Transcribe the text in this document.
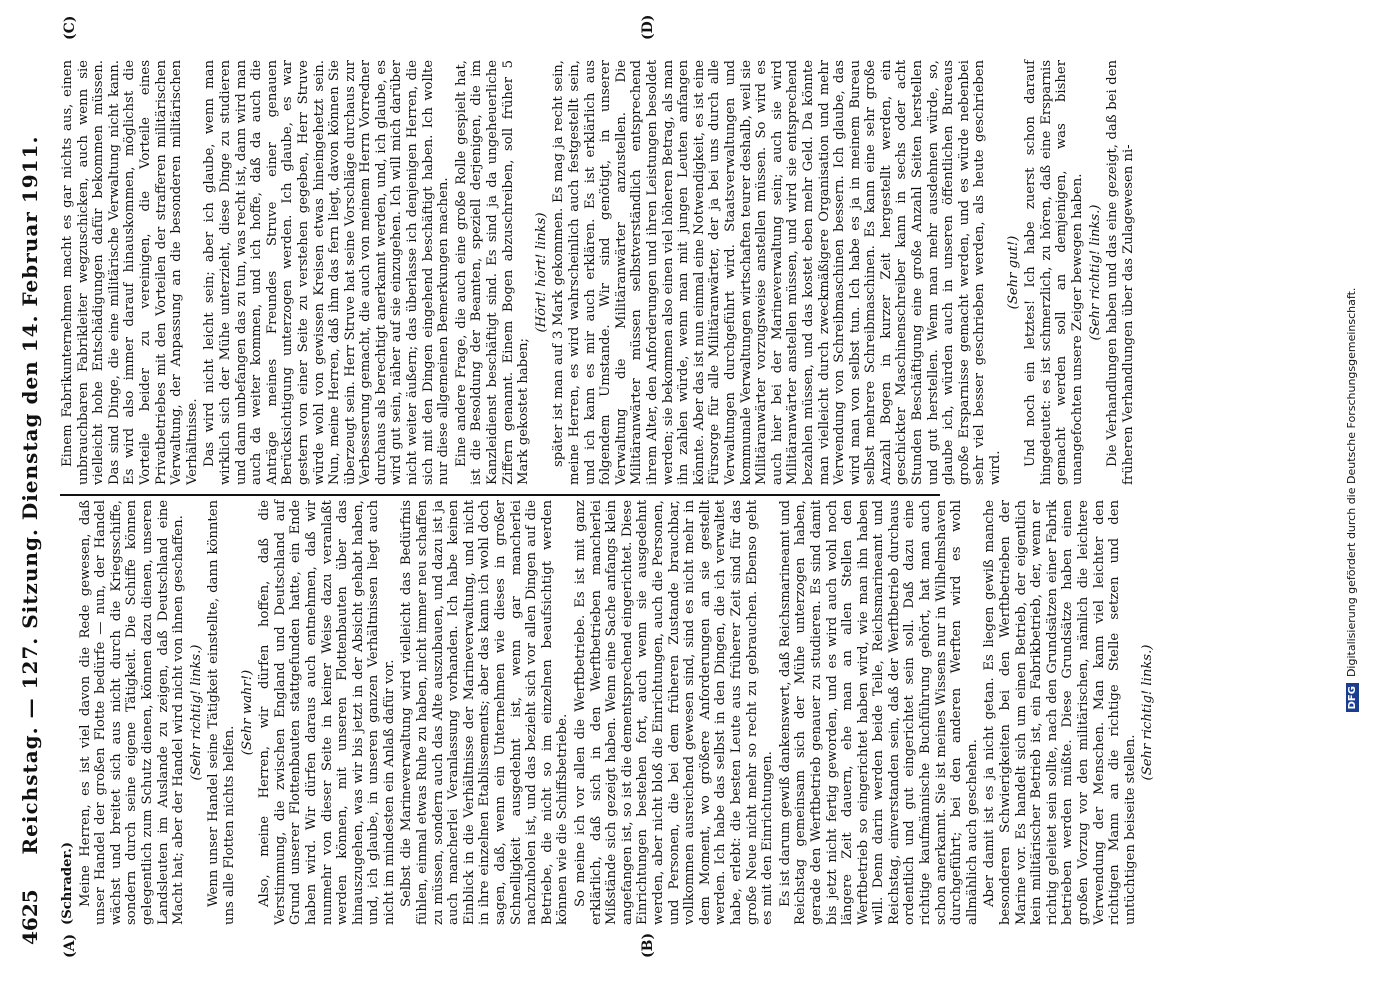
4625
Reichstag. — 127. Sitzung. Dienstag den 14. Februar 1911.
(C)	(D)
(A)	(B)

(Schrader.) Meine Herren, es ist viel davon die Rede gewesen, daß unser Handel der großen Flotte bedürfe — nun, der Handel wächst und breitet sich aus nicht durch die Kriegsschiffe, sondern durch seine eigene Tätigkeit. Die Schiffe können gelegentlich zum Schutz dienen, können dazu dienen, unseren Landsleuten im Auslande zu zeigen, daß Deutschland eine Macht hat; aber der Handel wird nicht von ihnen geschaffen. (Sehr richtig! links.) Wenn unser Handel seine Tätigkeit einstellte, dann könnten uns alle Flotten nichts helfen.

(Sehr wahr!) Also, meine Herren, wir dürfen hoffen, daß die Verstimmung, die zwischen England und Deutschland auf Grund unserer Flottenbauten stattgefunden hatte, ein Ende haben wird. Wir dürfen daraus auch entnehmen, daß wir nunmehr von dieser Seite in keiner Weise dazu veranlaßt werden können, mit unseren Flottenbauten über das hinauszugehen, was wir bis jetzt in der Absicht gehabt haben, und, ich glaube, in unseren ganzen Verhältnissen liegt auch nicht im mindesten ein Anlaß dafür vor. Selbst die Marineverwaltung wird vielleicht das Bedürfnis fühlen, einmal etwas Ruhe zu haben, nicht immer neu schaffen zu müssen, sondern auch das Alte auszubauen, und dazu ist ja auch mancherlei Veranlassung vorhanden. Ich habe keinen Einblick in die Verhältnisse der Marineverwaltung, und nicht in ihre einzelnen Etablissements; aber das kann ich wohl doch sagen, daß, wenn ein Unternehmen wie dieses in großer Schnelligkeit ausgedehnt ist, wenn gar mancherlei nachzuholen ist, und das bezieht sich vor allen Dingen auf die Betriebe, die nicht so im einzelnen beaufsichtigt werden können wie die Schiffsbetriebe. So meine ich vor allen die Werftbetriebe. Es ist mit ganz erklärlich, daß sich in den Werftbetrieben mancherlei Mißstände sich gezeigt haben. Wenn eine Sache anfangs klein angefangen ist, so ist die dementsprechend eingerichtet. Diese Einrichtungen bestehen fort, auch wenn sie ausgedehnt werden, aber nicht bloß die Einrichtungen, auch die Personen, und Personen, die bei dem früheren Zustande brauchbar, vollkommen ausreichend gewesen sind, sind es nicht mehr in dem Moment, wo größere Anforderungen an sie gestellt werden. Ich habe das selbst in den Dingen, die ich verwaltet habe, erlebt: die besten Leute aus früherer Zeit sind für das große Neue nicht mehr so recht zu gebrauchen. Ebenso geht es mit den Einrichtungen. Es ist darum gewiß dankenswert, daß Reichsmarineamt und Reichstag gemeinsam sich der Mühe unterzogen haben, gerade den Werftbetrieb genauer zu studieren. Es sind damit bis jetzt nicht fertig geworden, und es wird auch wohl noch längere Zeit dauern, ehe man an allen Stellen den Werftbetrieb so eingerichtet haben wird, wie man ihn haben will. Denn darin werden beide Teile, Reichsmarineamt und Reichstag, einverstanden sein, daß der Werftbetrieb durchaus ordentlich und gut eingerichtet sein soll. Daß dazu eine richtige kaufmännische Buchführung gehört, hat man auch schon anerkannt. Sie ist meines Wissens nur in Wilhelmshaven durchgeführt; bei den anderen Werften wird es wohl allmählich auch geschehen. Aber damit ist es ja nicht getan. Es liegen gewiß manche besonderen Schwierigkeiten bei den Werftbetrieben der Marine vor. Es handelt sich um einen Betrieb, der eigentlich kein militärischer Betrieb ist, ein Fabrikbetrieb, der, wenn er richtig geleitet sein sollte, nach den Grundsätzen einer Fabrik betrieben werden müßte. Diese Grundsätze haben einen großen Vorzug vor den militärischen, nämlich die leichtere Verwendung der Menschen. Man kann viel leichter den richtigen Mann an die richtige Stelle setzen und den untüchtigen beiseite stellen.

(Sehr richtig! links.)

Einem Fabrikunternehmen macht es gar nichts aus, einen unbrauchbaren Fabrikleiter wegzuschicken, auch wenn sie vielleicht hohe Entschädigungen dafür bekommen müssen. Das sind Dinge, die eine militärische Verwaltung nicht kann. Es wird also immer darauf hinauskommen, möglichst die Vorteile beider zu vereinigen, die Vorteile eines Privatbetriebes mit den Vorteilen der strafferen militärischen Verwaltung, der Anpassung an die besonderen militärischen Verhältnisse. Das wird nicht leicht sein; aber ich glaube, wenn man wirklich sich der Mühe unterzieht, diese Dinge zu studieren und dann unbefangen das zu tun, was recht ist, dann wird man auch da weiter kommen, und ich hoffe, daß da auch die Anträge meines Freundes Struve einer genauen Berücksichtigung unterzogen werden. Ich glaube, es war gestern von einer Seite zu verstehen gegeben, Herr Struve würde wohl von gewissen Kreisen etwas hineingehetzt sein. Nun, meine Herren, daß ihm das fern liegt, davon können Sie überzeugt sein. Herr Struve hat seine Vorschläge durchaus zur Verbesserung gemacht, die auch von meinem Herrn Vorredner durchaus als berechtigt anerkannt werden, und, ich glaube, es wird gut sein, näher auf sie einzugehen. Ich will mich darüber nicht weiter äußern; das überlasse ich denjenigen Herren, die sich mit den Dingen eingehend beschäftigt haben. Ich wollte nur diese allgemeinen Bemerkungen machen. Eine andere Frage, die auch eine große Rolle gespielt hat, ist die Besoldung der Beamten, speziell derjenigen, die im Kanzleidienst beschäftigt sind. Es sind ja da ungeheuerliche Ziffern genannt. Einem Bogen abzuschreiben, soll früher 5 Mark gekostet haben;

(Hört! hört! links) später ist man auf 3 Mark gekommen. Es mag ja recht sein, meine Herren, es wird wahrscheinlich auch festgestellt sein, und ich kann es mir auch erklären. Es ist erklärlich aus folgendem Umstande. Wir sind genötigt, in unserer Verwaltung die Militäranwärter anzustellen. Die Militäranwärter müssen selbstverständlich entsprechend ihrem Alter, den Anforderungen und ihren Leistungen besoldet werden; sie bekommen also einen viel höheren Betrag, als man ihn zahlen würde, wenn man mit jungen Leuten anfangen könnte. Aber das ist nun einmal eine Notwendigkeit, es ist eine Fürsorge für alle Militäranwärter, der ja bei uns durch alle Verwaltungen durchgeführt wird. Staatsverwaltungen und kommunale Verwaltungen wirtschaften teurer deshalb, weil sie Militäranwärter vorzugsweise anstellen müssen. So wird es auch hier bei der Marineverwaltung sein; auch sie wird Militäranwärter anstellen müssen, und wird sie entsprechend bezahlen müssen, und das kostet eben mehr Geld. Da könnte man vielleicht durch zweckmäßigere Organisation und mehr Verwendung von Schreibmaschinen bessern. Ich glaube, das wird man von selbst tun. Ich habe es ja in meinem Bureau selbst mehrere Schreibmaschinen. Es kann eine sehr große Anzahl Bogen in kurzer Zeit hergestellt werden, ein geschickter Maschinenschreiber kann in sechs oder acht Stunden Beschäftigung eine große Anzahl Seiten herstellen und gut herstellen. Wenn man mehr ausdehnen würde, so, glaube ich, würden auch in unseren öffentlichen Bureaus große Ersparnisse gemacht werden, und es würde nebenbei sehr viel besser geschrieben werden, als heute geschrieben wird.

(Sehr gut!) Und noch ein letztes! Ich habe zuerst schon darauf hingedeutet: es ist schmerzlich, zu hören, daß eine Ersparnis gemacht werden soll an demjenigen, was bisher unangefochten unsere Zeiger bewegen haben. (Sehr richtig! links.) Die Verhandlungen haben und das eine gezeigt, daß bei den früheren Verhandlungen über das Zulagewesen ni-

DFGDigitalisierung gefördert durch die Deutsche Forschungsgemeinschaft.
